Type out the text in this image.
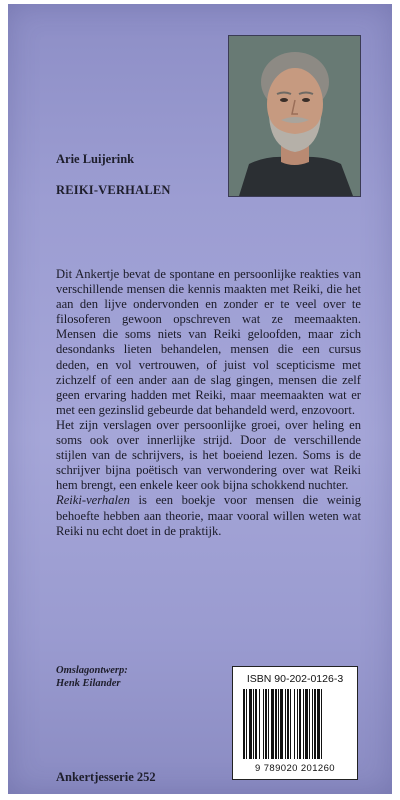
Arie Luijerink
REIKI-VERHALEN

Dit Ankertje bevat de spontane en persoonlijke reakties van verschillende mensen die kennis maakten met Reiki, die het aan den lijve ondervonden en zonder er te veel over te filosoferen gewoon opschreven wat ze meemaakten. Mensen die soms niets van Reiki geloofden, maar zich desondanks lieten behandelen, mensen die een cursus deden, en vol vertrouwen, of juist vol scepticisme met zichzelf of een ander aan de slag gingen, mensen die zelf geen ervaring hadden met Reiki, maar meemaakten wat er met een gezinslid gebeurde dat behandeld werd, enzovoort.

Het zijn verslagen over persoonlijke groei, over heling en soms ook over innerlijke strijd. Door de verschillende stijlen van de schrijvers, is het boeiend lezen. Soms is de schrijver bijna poëtisch van verwondering over wat Reiki hem brengt, een enkele keer ook bijna schokkend nuchter.

Reiki-verhalen is een boekje voor mensen die weinig behoefte hebben aan theorie, maar vooral willen weten wat Reiki nu echt doet in de praktijk.

Omslagontwerp:
Henk Eilander
Ankertjesserie 252
ISBN 90-202-0126-3
9 789020 201260
